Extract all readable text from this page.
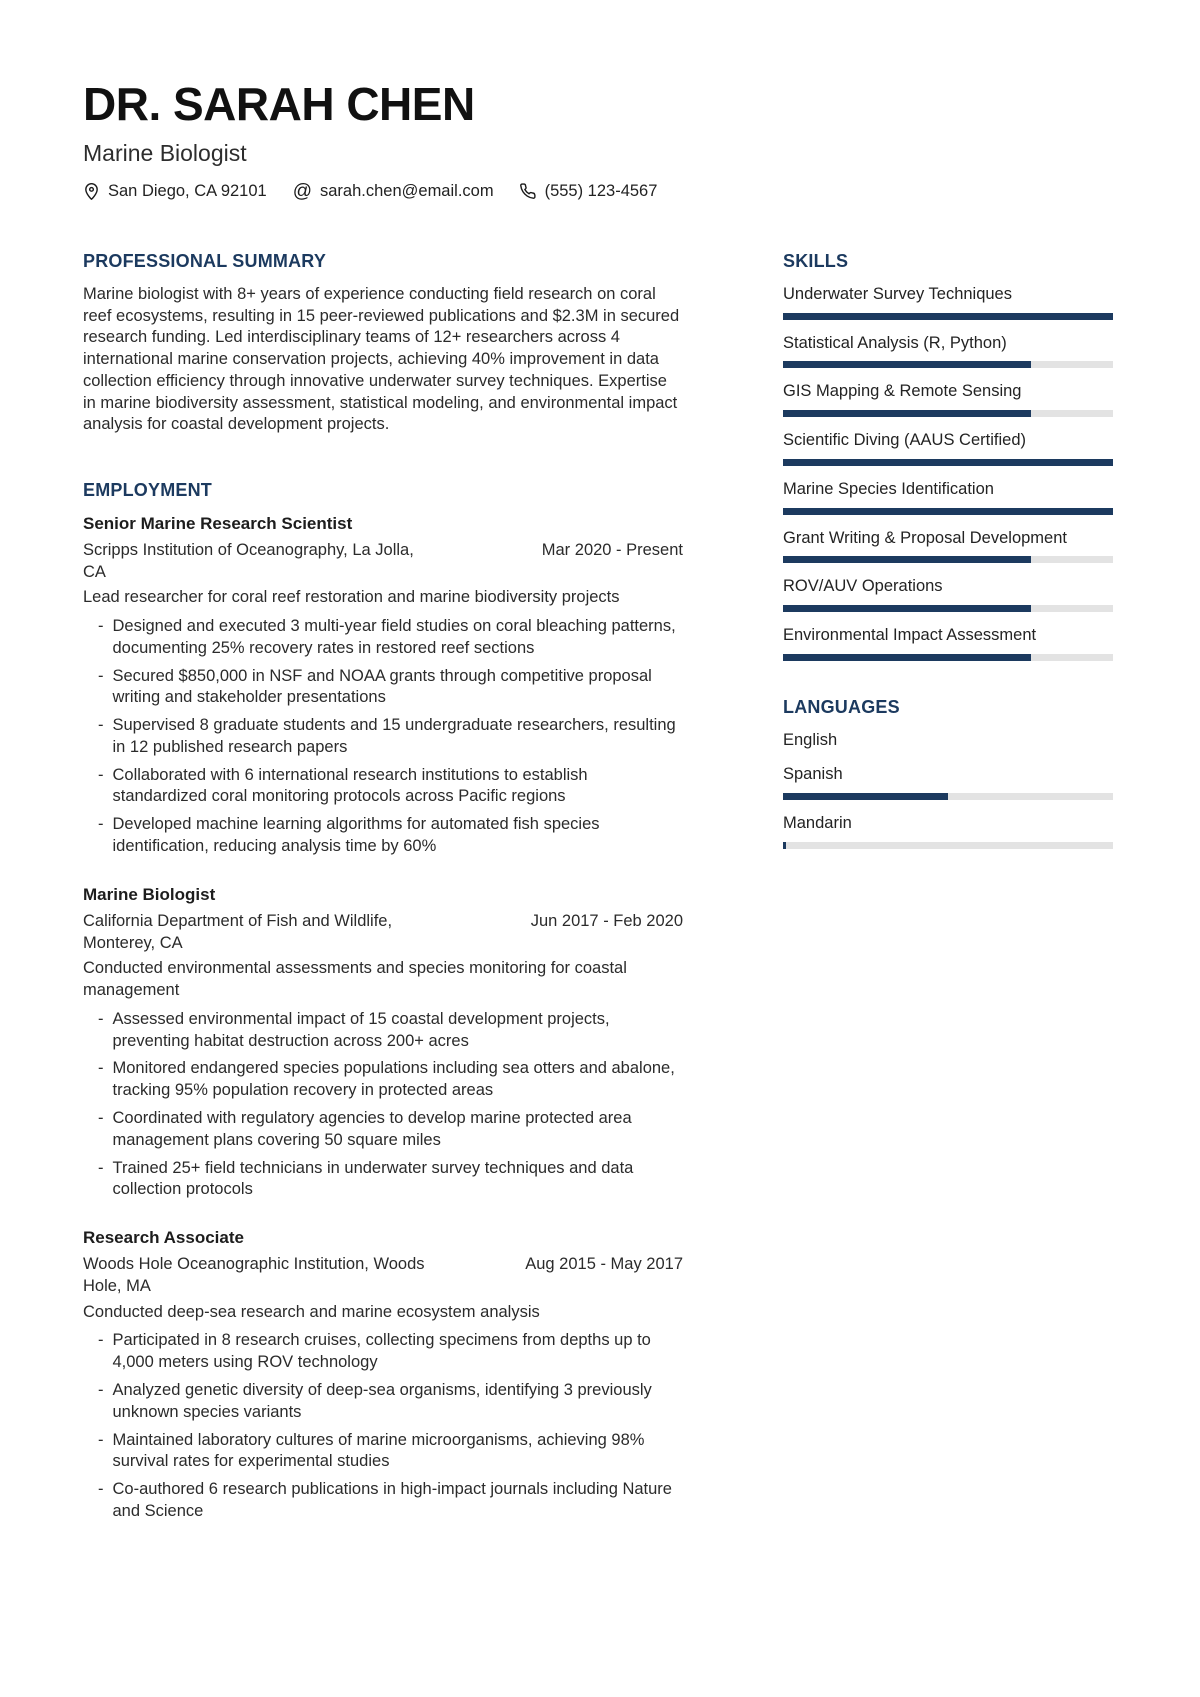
DR. SARAH CHEN
Marine Biologist
San Diego, CA 92101 @ sarah.chen@email.com	(555) 123-4567
PROFESSIONAL SUMMARY

Marine biologist with 8+ years of experience conducting field research on coral reef ecosystems, resulting in 15 peer-reviewed publications and $2.3M in secured research funding. Led interdisciplinary teams of 12+ researchers across 4 international marine conservation projects, achieving 40% improvement in data collection efficiency through innovative underwater survey techniques. Expertise in marine biodiversity assessment, statistical modeling, and environmental impact analysis for coastal development projects.

EMPLOYMENT
Senior Marine Research Scientist
Scripps Institution of Oceanography, La Jolla, CA
Mar 2020 - Present
Lead researcher for coral reef restoration and marine biodiversity projects
- Designed and executed 3 multi-year field studies on coral bleaching patterns, documenting 25% recovery rates in restored reef sections
- Secured $850,000 in NSF and NOAA grants through competitive proposal writing and stakeholder presentations
- Supervised 8 graduate students and 15 undergraduate researchers, resulting in 12 published research papers
- Collaborated with 6 international research institutions to establish standardized coral monitoring protocols across Pacific regions
- Developed machine learning algorithms for automated fish species identification, reducing analysis time by 60%
Marine Biologist
California Department of Fish and Wildlife, Monterey, CA
Jun 2017 - Feb 2020
Conducted environmental assessments and species monitoring for coastal management
- Assessed environmental impact of 15 coastal development projects, preventing habitat destruction across 200+ acres
- Monitored endangered species populations including sea otters and abalone, tracking 95% population recovery in protected areas
- Coordinated with regulatory agencies to develop marine protected area management plans covering 50 square miles
- Trained 25+ field technicians in underwater survey techniques and data collection protocols
Research Associate
Woods Hole Oceanographic Institution, Woods Hole, MA
Aug 2015 - May 2017
Conducted deep-sea research and marine ecosystem analysis
- Participated in 8 research cruises, collecting specimens from depths up to 4,000 meters using ROV technology
- Analyzed genetic diversity of deep-sea organisms, identifying 3 previously unknown species variants
- Maintained laboratory cultures of marine microorganisms, achieving 98% survival rates for experimental studies
- Co-authored 6 research publications in high-impact journals including Nature and Science
SKILLS
Underwater Survey Techniques
Statistical Analysis (R, Python)
GIS Mapping & Remote Sensing
Scientific Diving (AAUS Certified)
Marine Species Identification
Grant Writing & Proposal Development
ROV/AUV Operations
Environmental Impact Assessment
LANGUAGES
English
Spanish
Mandarin
